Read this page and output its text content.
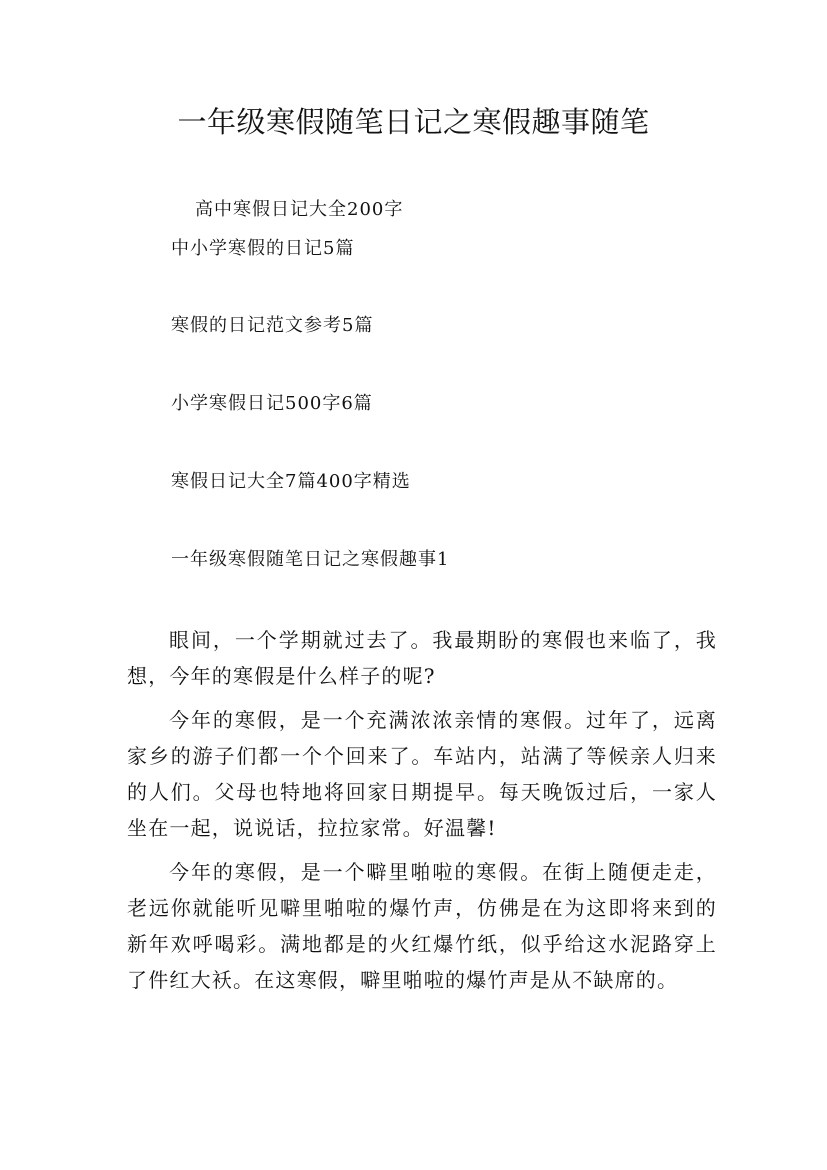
一年级寒假随笔日记之寒假趣事随笔
高中寒假日记大全200字
中小学寒假的日记5篇
寒假的日记范文参考5篇
小学寒假日记500字6篇
寒假日记大全7篇400字精选
一年级寒假随笔日记之寒假趣事1

眼间，一个学期就过去了。我最期盼的寒假也来临了，我想，今年的寒假是什么样子的呢?

今年的寒假，是一个充满浓浓亲情的寒假。过年了，远离家乡的游子们都一个个回来了。车站内，站满了等候亲人归来的人们。父母也特地将回家日期提早。每天晚饭过后，一家人坐在一起，说说话，拉拉家常。好温馨!

今年的寒假，是一个噼里啪啦的寒假。在街上随便走走，老远你就能听见噼里啪啦的爆竹声，仿佛是在为这即将来到的新年欢呼喝彩。满地都是的火红爆竹纸，似乎给这水泥路穿上了件红大袄。在这寒假，噼里啪啦的爆竹声是从不缺席的。
